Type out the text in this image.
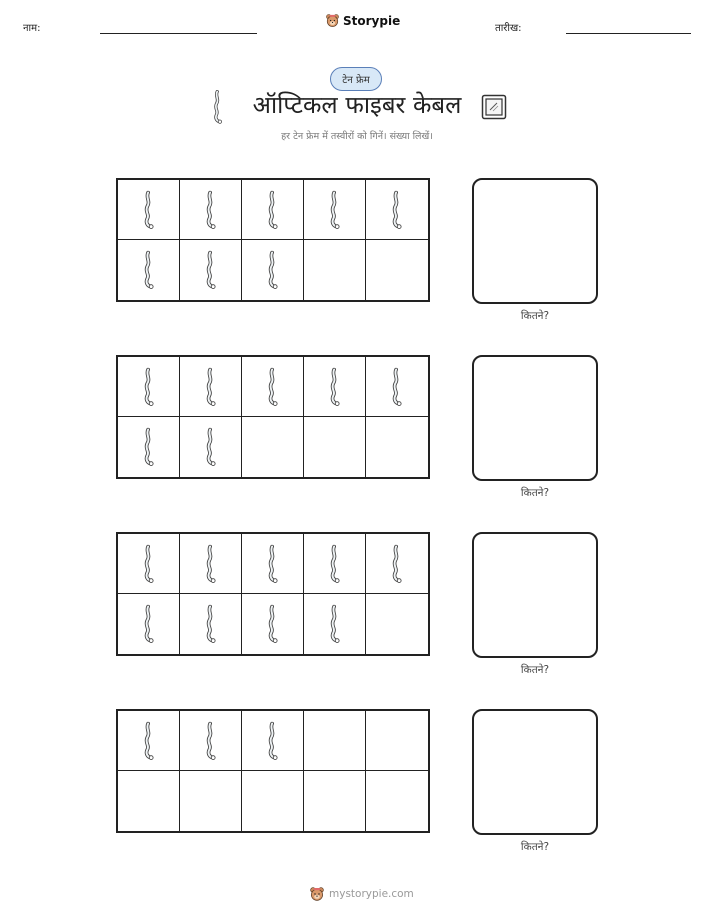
नाम:
Storypie
तारीख:
टेन फ्रेम
ऑप्टिकल फाइबर केबल
हर टेन फ्रेम में तस्वीरों को गिनें। संख्या लिखें।
कितने?
कितने?
कितने?
कितने?
mystorypie.com
